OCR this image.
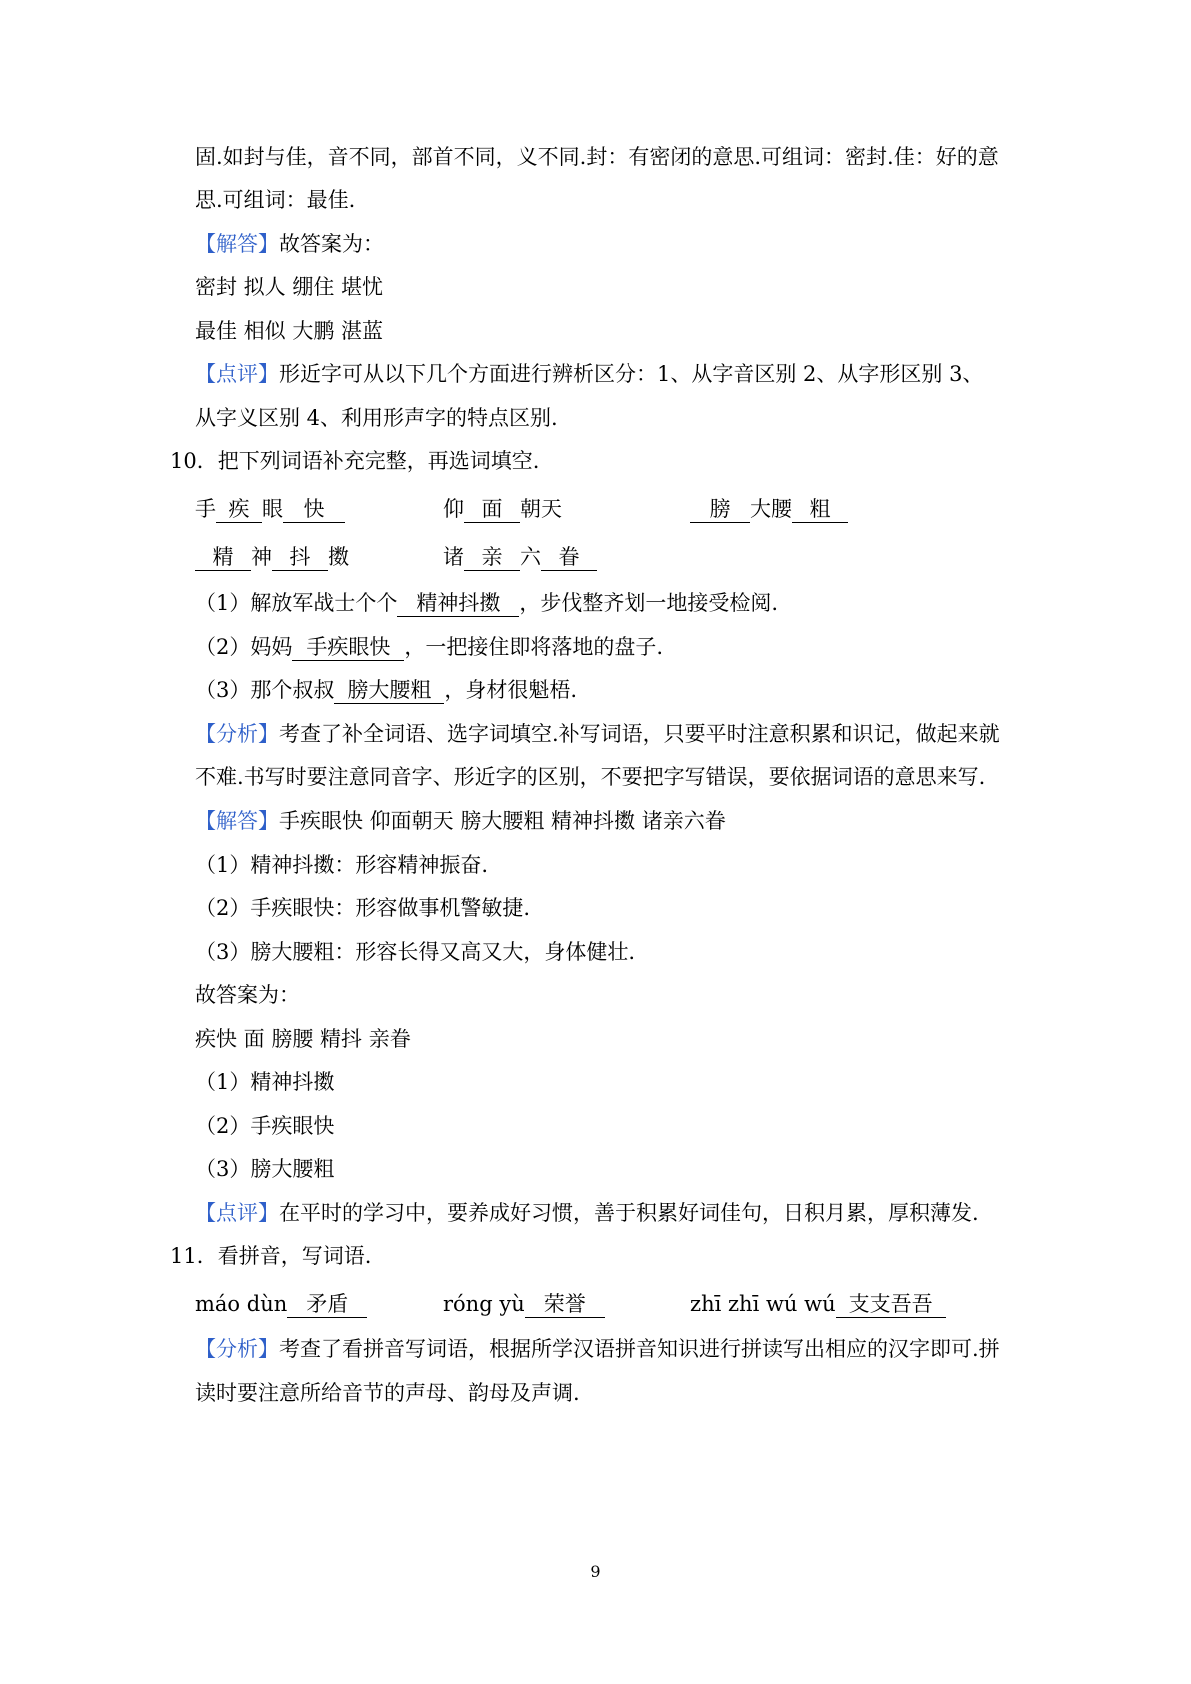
固.如封与佳，音不同，部首不同，义不同.封：有密闭的意思.可组词：密封.佳：好的意
思.可组词：最佳.
【解答】故答案为：
密封 拟人 绷住 堪忧
最佳 相似 大鹏 湛蓝
【点评】形近字可从以下几个方面进行辨析区分：1、从字音区别 2、从字形区别 3、
从字义区别 4、利用形声字的特点区别.
10．把下列词语补充完整，再选词填空.
手 疾 眼 快	仰 面 朝天	膀 大腰 粗
精 神 抖 擞	诸 亲 六 眷
（1）解放军战士个个 精神抖擞 ，步伐整齐划一地接受检阅.
（2）妈妈 手疾眼快 ，一把接住即将落地的盘子.
（3）那个叔叔 膀大腰粗 ，身材很魁梧.
【分析】考查了补全词语、选字词填空.补写词语，只要平时注意积累和识记，做起来就
不难.书写时要注意同音字、形近字的区别，不要把字写错误，要依据词语的意思来写.
【解答】手疾眼快 仰面朝天 膀大腰粗 精神抖擞 诸亲六眷
（1）精神抖擞：形容精神振奋.
（2）手疾眼快：形容做事机警敏捷.
（3）膀大腰粗：形容长得又高又大，身体健壮.
故答案为：
疾快 面 膀腰 精抖 亲眷
（1）精神抖擞
（2）手疾眼快
（3）膀大腰粗
【点评】在平时的学习中，要养成好习惯，善于积累好词佳句，日积月累，厚积薄发.
11．看拼音，写词语.
máo dùn 矛盾	róng yù 荣誉	zhī zhī wú wú 支支吾吾
【分析】考查了看拼音写词语，根据所学汉语拼音知识进行拼读写出相应的汉字即可.拼
读时要注意所给音节的声母、韵母及声调.
9
